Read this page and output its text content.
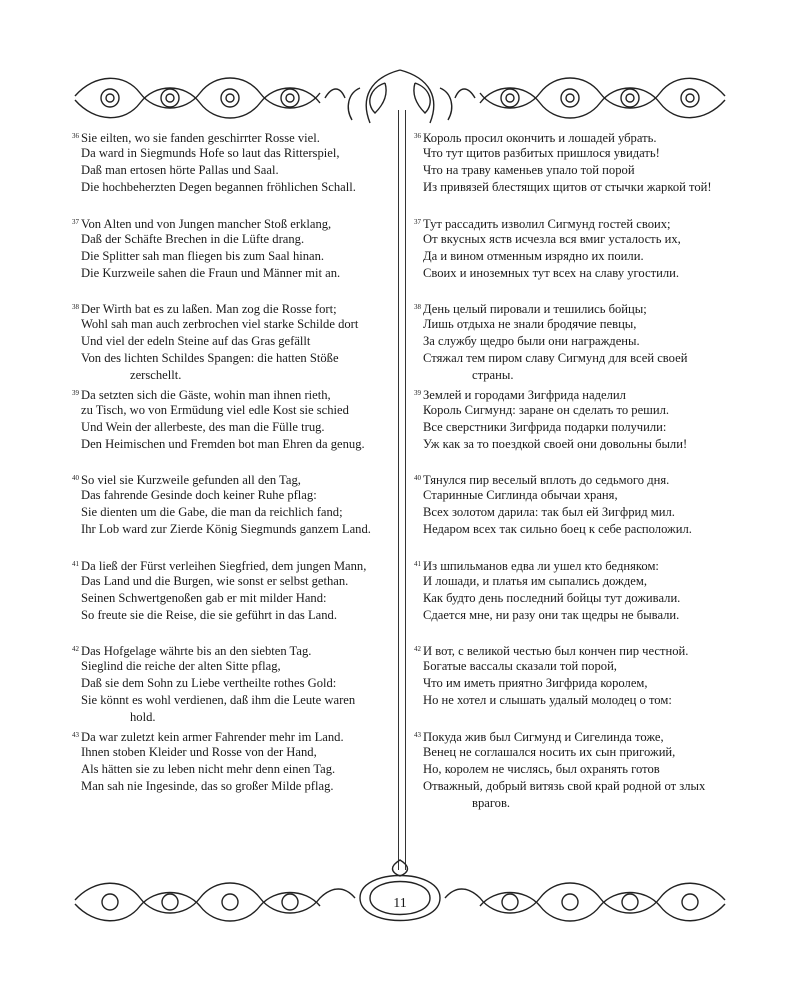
36 Sie eilten, wo sie fanden geschirrter Rosse viel.
Da ward in Siegmunds Hofe so laut das Ritterspiel,
Daß man ertosen hörte Pallas und Saal.
Die hochbeherzten Degen begannen fröhlichen Schall.
37 Von Alten und von Jungen mancher Stoß erklang,
Daß der Schäfte Brechen in die Lüfte drang.
Die Splitter sah man fliegen bis zum Saal hinan.
Die Kurzweile sahen die Fraun und Männer mit an.
38 Der Wirth bat es zu laßen. Man zog die Rosse fort;
Wohl sah man auch zerbrochen viel starke Schilde dort
Und viel der edeln Steine auf das Gras gefällt
Von des lichten Schildes Spangen: die hatten Stöße
zerschellt.
39 Da setzten sich die Gäste, wohin man ihnen rieth,
zu Tisch, wo von Ermüdung viel edle Kost sie schied
Und Wein der allerbeste, des man die Fülle trug.
Den Heimischen und Fremden bot man Ehren da genug.
40 So viel sie Kurzweile gefunden all den Tag,
Das fahrende Gesinde doch keiner Ruhe pflag:
Sie dienten um die Gabe, die man da reichlich fand;
Ihr Lob ward zur Zierde König Siegmunds ganzem Land.
41 Da ließ der Fürst verleihen Siegfried, dem jungen Mann,
Das Land und die Burgen, wie sonst er selbst gethan.
Seinen Schwertgenoßen gab er mit milder Hand:
So freute sie die Reise, die sie geführt in das Land.
42 Das Hofgelage währte bis an den siebten Tag.
Sieglind die reiche der alten Sitte pflag,
Daß sie dem Sohn zu Liebe vertheilte rothes Gold:
Sie könnt es wohl verdienen, daß ihm die Leute waren
hold.
43 Da war zuletzt kein armer Fahrender mehr im Land.
Ihnen stoben Kleider und Rosse von der Hand,
Als hätten sie zu leben nicht mehr denn einen Tag.
Man sah nie Ingesinde, das so großer Milde pflag.
36 Король просил окончить и лошадей убрать.
Что тут щитов разбитых пришлося увидать!
Что на траву каменьев упало той порой
Из привязей блестящих щитов от стычки жаркой той!
37 Тут рассадить изволил Сигмунд гостей своих;
От вкусных яств исчезла вся вмиг усталость их,
Да и вином отменным изрядно их поили.
Своих и иноземных тут всех на славу угостили.
38 День целый пировали и тешились бойцы;
Лишь отдыха не знали бродячие певцы,
За службу щедро были они награждены.
Стяжал тем пиром славу Сигмунд для всей своей
страны.
39 Землей и городами Зигфрида наделил
Король Сигмунд: заране он сделать то решил.
Все сверстники Зигфрида подарки получили:
Уж как за то поездкой своей они довольны были!
40 Тянулся пир веселый вплоть до седьмого дня.
Старинные Сиглинда обычаи храня,
Всех золотом дарила: так был ей Зигфрид мил.
Недаром всех так сильно боец к себе расположил.
41 Из шпильманов едва ли ушел кто бедняком:
И лошади, и платья им сыпались дождем,
Как будто день последний бойцы тут доживали.
Сдается мне, ни разу они так щедры не бывали.
42 И вот, с великой честью был кончен пир честной.
Богатые вассалы сказали той порой,
Что им иметь приятно Зигфрида королем,
Но не хотел и слышать удалый молодец о том:
43 Покуда жив был Сигмунд и Сигелинда тоже,
Венец не соглашался носить их сын пригожий,
Но, королем не числясь, был охранять готов
Отважный, добрый витязь свой край родной от злых
врагов.
11
